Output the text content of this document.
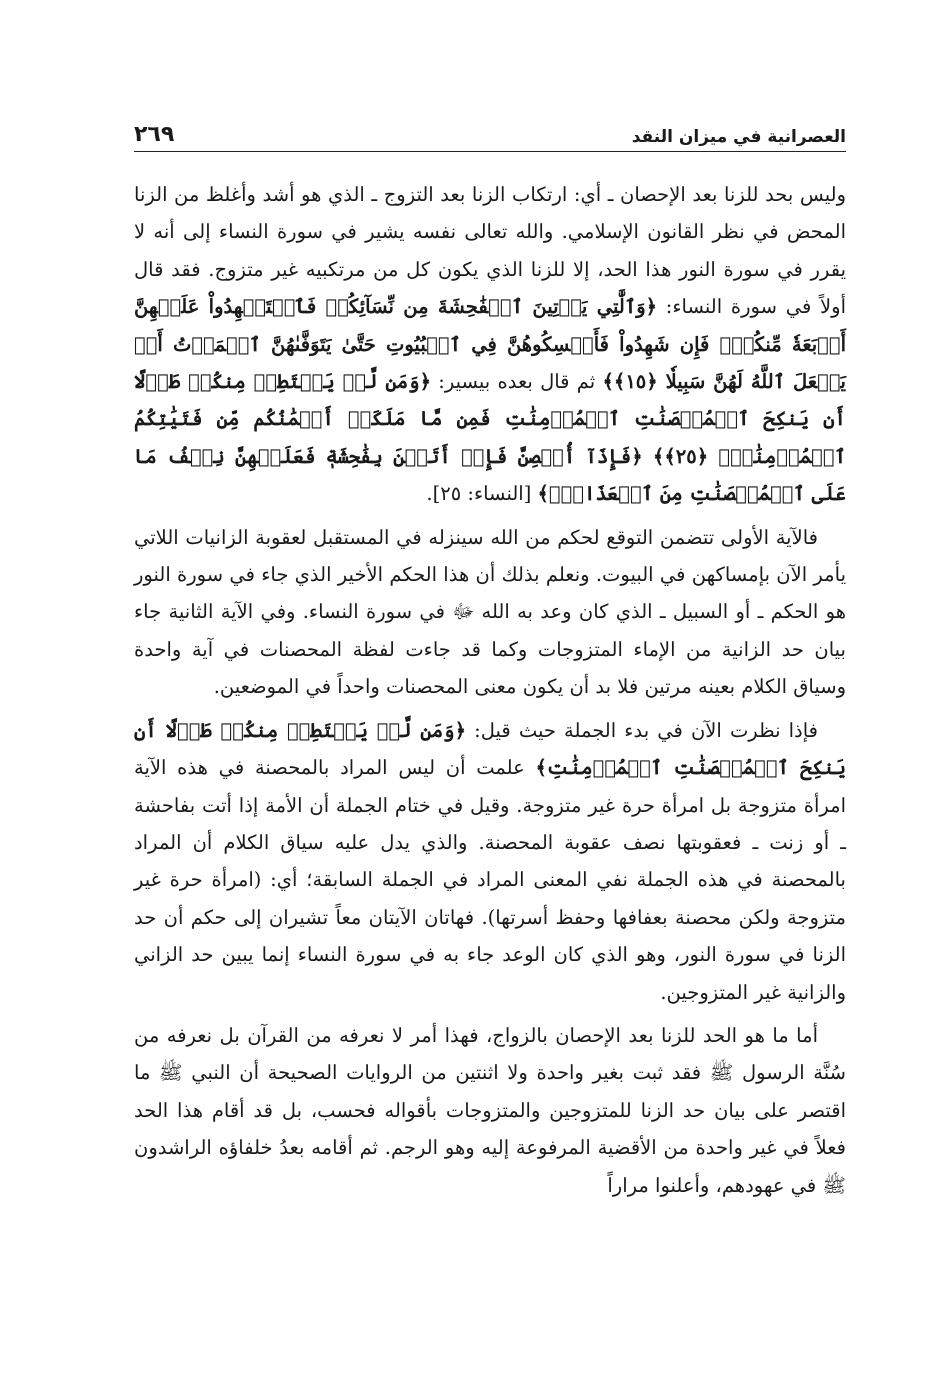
العصرانية في ميزان النقد
٢٦٩

وليس بحد للزنا بعد الإحصان ـ أي: ارتكاب الزنا بعد التزوج ـ الذي هو أشد وأغلظ من الزنا المحض في نظر القانون الإسلامي. والله تعالى نفسه يشير في سورة النساء إلى أنه لا يقرر في سورة النور هذا الحد، إلا للزنا الذي يكون كل من مرتكبيه غير متزوج. فقد قال أولاً في سورة النساء: ﴿وَٱلَّٰتِي يَأۡتِينَ ٱلۡفَٰحِشَةَ مِن نِّسَآئِكُمۡ فَٱسۡتَشۡهِدُواْ عَلَيۡهِنَّ أَرۡبَعَةٗ مِّنكُمۡۖ فَإِن شَهِدُواْ فَأَمۡسِكُوهُنَّ فِي ٱلۡبُيُوتِ حَتَّىٰ يَتَوَفَّىٰهُنَّ ٱلۡمَوۡتُ أَوۡ يَجۡعَلَ ٱللَّهُ لَهُنَّ سَبِيلٗا ﴿١٥﴾﴾ ثم قال بعده بيسير: ﴿وَمَن لَّمۡ يَسۡتَطِعۡ مِنكُمۡ طَوۡلًا أَن يَنكِحَ ٱلۡمُحۡصَنَٰتِ ٱلۡمُؤۡمِنَٰتِ فَمِن مَّا مَلَكَتۡ أَيۡمَٰنُكُم مِّن فَتَيَٰتِكُمُ ٱلۡمُؤۡمِنَٰتِۚ ﴿٢٥﴾﴾ ﴿فَإِذَآ أُحۡصِنَّ فَإِنۡ أَتَيۡنَ بِفَٰحِشَةٖ فَعَلَيۡهِنَّ نِصۡفُ مَا عَلَى ٱلۡمُحۡصَنَٰتِ مِنَ ٱلۡعَذَابِۚ﴾ [النساء: ٢٥].

فالآية الأولى تتضمن التوقع لحكم من الله سينزله في المستقبل لعقوبة الزانيات اللاتي يأمر الآن بإمساكهن في البيوت. ونعلم بذلك أن هذا الحكم الأخير الذي جاء في سورة النور هو الحكم ـ أو السبيل ـ الذي كان وعد به الله ﷻ في سورة النساء. وفي الآية الثانية جاء بيان حد الزانية من الإماء المتزوجات وكما قد جاءت لفظة المحصنات في آية واحدة وسياق الكلام بعينه مرتين فلا بد أن يكون معنى المحصنات واحداً في الموضعين.

فإذا نظرت الآن في بدء الجملة حيث قيل: ﴿وَمَن لَّمۡ يَسۡتَطِعۡ مِنكُمۡ طَوۡلًا أَن يَنكِحَ ٱلۡمُحۡصَنَٰتِ ٱلۡمُؤۡمِنَٰتِ﴾ علمت أن ليس المراد بالمحصنة في هذه الآية امرأة متزوجة بل امرأة حرة غير متزوجة. وقيل في ختام الجملة أن الأمة إذا أتت بفاحشة ـ أو زنت ـ فعقوبتها نصف عقوبة المحصنة. والذي يدل عليه سياق الكلام أن المراد بالمحصنة في هذه الجملة نفي المعنى المراد في الجملة السابقة؛ أي: (امرأة حرة غير متزوجة ولكن محصنة بعفافها وحفظ أسرتها). فهاتان الآيتان معاً تشيران إلى حكم أن حد الزنا في سورة النور، وهو الذي كان الوعد جاء به في سورة النساء إنما يبين حد الزاني والزانية غير المتزوجين.

أما ما هو الحد للزنا بعد الإحصان بالزواج، فهذا أمر لا نعرفه من القرآن بل نعرفه من سُنَّة الرسول ﷺ فقد ثبت بغير واحدة ولا اثنتين من الروايات الصحيحة أن النبي ﷺ ما اقتصر على بيان حد الزنا للمتزوجين والمتزوجات بأقواله فحسب، بل قد أقام هذا الحد فعلاً في غير واحدة من الأقضية المرفوعة إليه وهو الرجم. ثم أقامه بعدُ خلفاؤه الراشدون ﷺ في عهودهم، وأعلنوا مراراً
